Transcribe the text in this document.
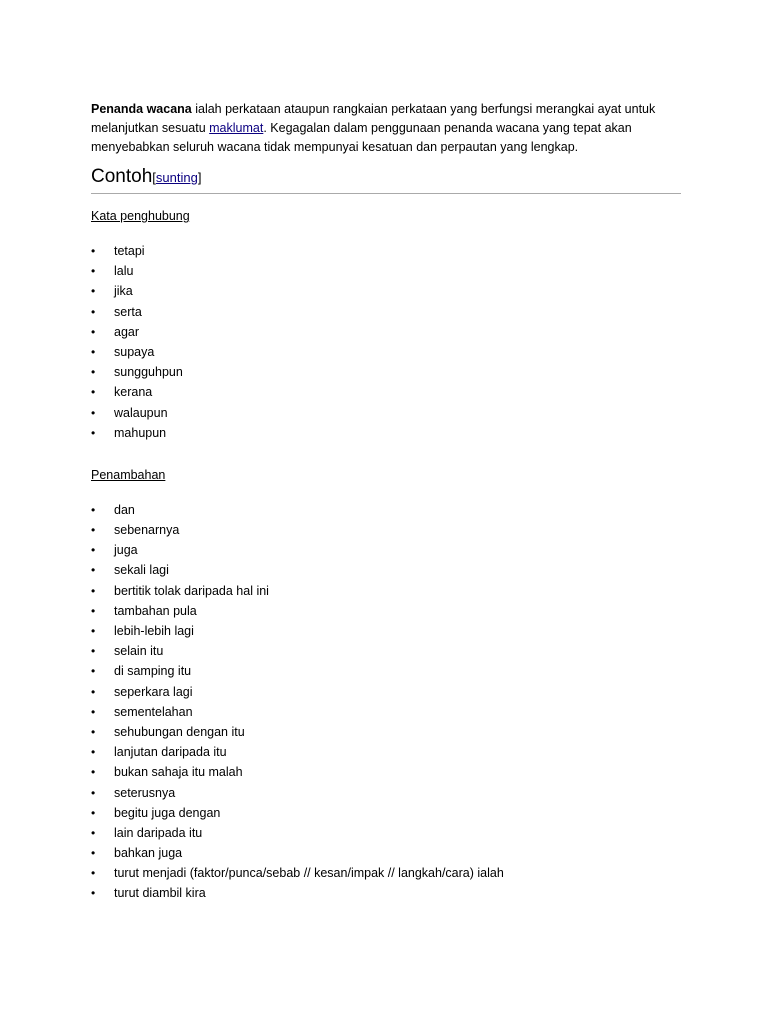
Penanda wacana ialah perkataan ataupun rangkaian perkataan yang berfungsi merangkai ayat untuk melanjutkan sesuatu maklumat. Kegagalan dalam penggunaan penanda wacana yang tepat akan menyebabkan seluruh wacana tidak mempunyai kesatuan dan perpautan yang lengkap.

Contoh[sunting]
Kata penghubung
• tetapi
• lalu
• jika
• serta
• agar
• supaya
• sungguhpun
• kerana
• walaupun
• mahupun
Penambahan
• dan
• sebenarnya
• juga
• sekali lagi
• bertitik tolak daripada hal ini
• tambahan pula
• lebih-lebih lagi
• selain itu
• di samping itu
• seperkara lagi
• sementelahan
• sehubungan dengan itu
• lanjutan daripada itu
• bukan sahaja itu malah
• seterusnya
• begitu juga dengan
• lain daripada itu
• bahkan juga
• turut menjadi (faktor/punca/sebab // kesan/impak // langkah/cara) ialah
• turut diambil kira
